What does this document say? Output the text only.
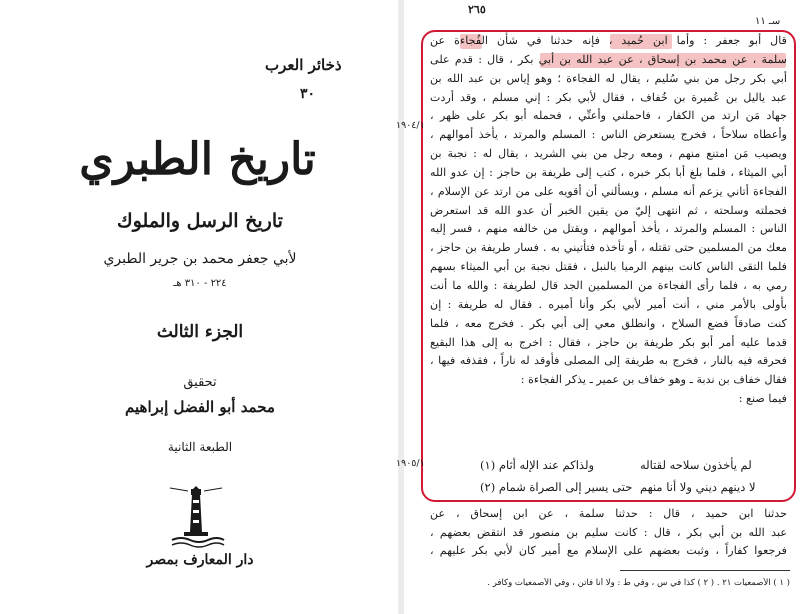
ذخائر العرب
٣٠
تاريخ الطبري
تاريخ الرسل والملوك
لأبي جعفر محمد بن جرير الطبري
٢٢٤ - ٣١٠ هـ
الجزء الثالث
تحقيق
محمد أبو الفضل إبراهيم
الطبعة الثانية
دار المعارف بمصر
٢٦٥
سـ ١١
قال أبو جعفر : وأما ابن حُميد ، فإنه حدثنا في شأن الفُجاءة عن
سلمة ، عن محمد بن إسحاق ، عن عبد الله بن أبي بكر ، قال : قدم على
أبي بكر رجل من بني سُليم ، يقال له الفجاءة ؛ وهو إياس بن عبد الله بن
عبد ياليل بن عُميرة بن خُفاف ، فقال لأبي بكر : إني مسلم ، وقد أردت
جهاد مَن ارتد من الكفار ، فاحملني وأعنِّي ، فحمله أبو بكر على ظهر ،
وأعطاه سلاحاً ، فخرج يستعرض الناس : المسلم والمرتد ، يأخذ أموالهم ،
ويصيب مَن امتنع منهم ، ومعه رجل من بني الشريد ، يقال له : نجبة بن
أبي الميثاء ، فلما بلغ أبا بكر خبره ، كتب إلى طريفة بن حاجز : إن عدو الله
الفجاءة أتاني يزعم أنه مسلم ، ويسألني أن أقويه على من ارتد عن الإسلام ،
فحملته وسلحته ، ثم انتهى إليّ من يقين الخبر أن عدو الله قد استعرض
الناس : المسلم والمرتد ، يأخذ أموالهم ، ويقتل من خالفه منهم ، فسر إليه
معك من المسلمين حتى تقتله ، أو تأخذه فتأتيني به . فسار طريفة بن حاجز ،
فلما التقى الناس كانت بينهم الرميا بالنبل ، فقتل نجبة بن أبي الميثاء بسهم
رمي به ، فلما رأى الفجاءة من المسلمين الجد قال لطريفة : والله ما أنت
بأولى بالأمر مني ، أنت أمير لأبي بكر وأنا أميره . فقال له طريفة : إن
كنت صادقاً فضع السلاح ، وانطلق معي إلى أبي بكر . فخرج معه ، فلما
قدما عليه أمر أبو بكر طريفة بن حاجز ، فقال : اخرج به إلى هذا البقيع
فحرقه فيه بالنار ، فخرج به طريفة إلى المصلى فأوقد له ناراً ، فقذفه فيها ،
فقال خفاف بن ندبة ـ وهو خفاف بن عمير ـ يذكر الفجاءة :
فيما صنع :
١٩٠٤/١
١٩٠٥/١	لم يأخذون سلاحه لقتاله
ولذاكم عند الإله أثام (١)
لا دينهم ديني ولا أنا منهم
حتى يسير إلى الصراة شمام (٢)
حدثنا ابن حميد ، قال : حدثنا سلمة ، عن ابن إسحاق ، عن
عبد الله بن أبي بكر ، قال : كانت سليم بن منصور قد انتقض بعضهم ،
فرجعوا كفاراً ، وثبت بعضهم على الإسلام مع أمير كان لأبي بكر عليهم ،
( ١ ) الأصمعيات ٢١ . ( ٢ ) كذا في س ، وفي ط : ولا أنا فاتن ، وفي الأصمعيات وكافر .
